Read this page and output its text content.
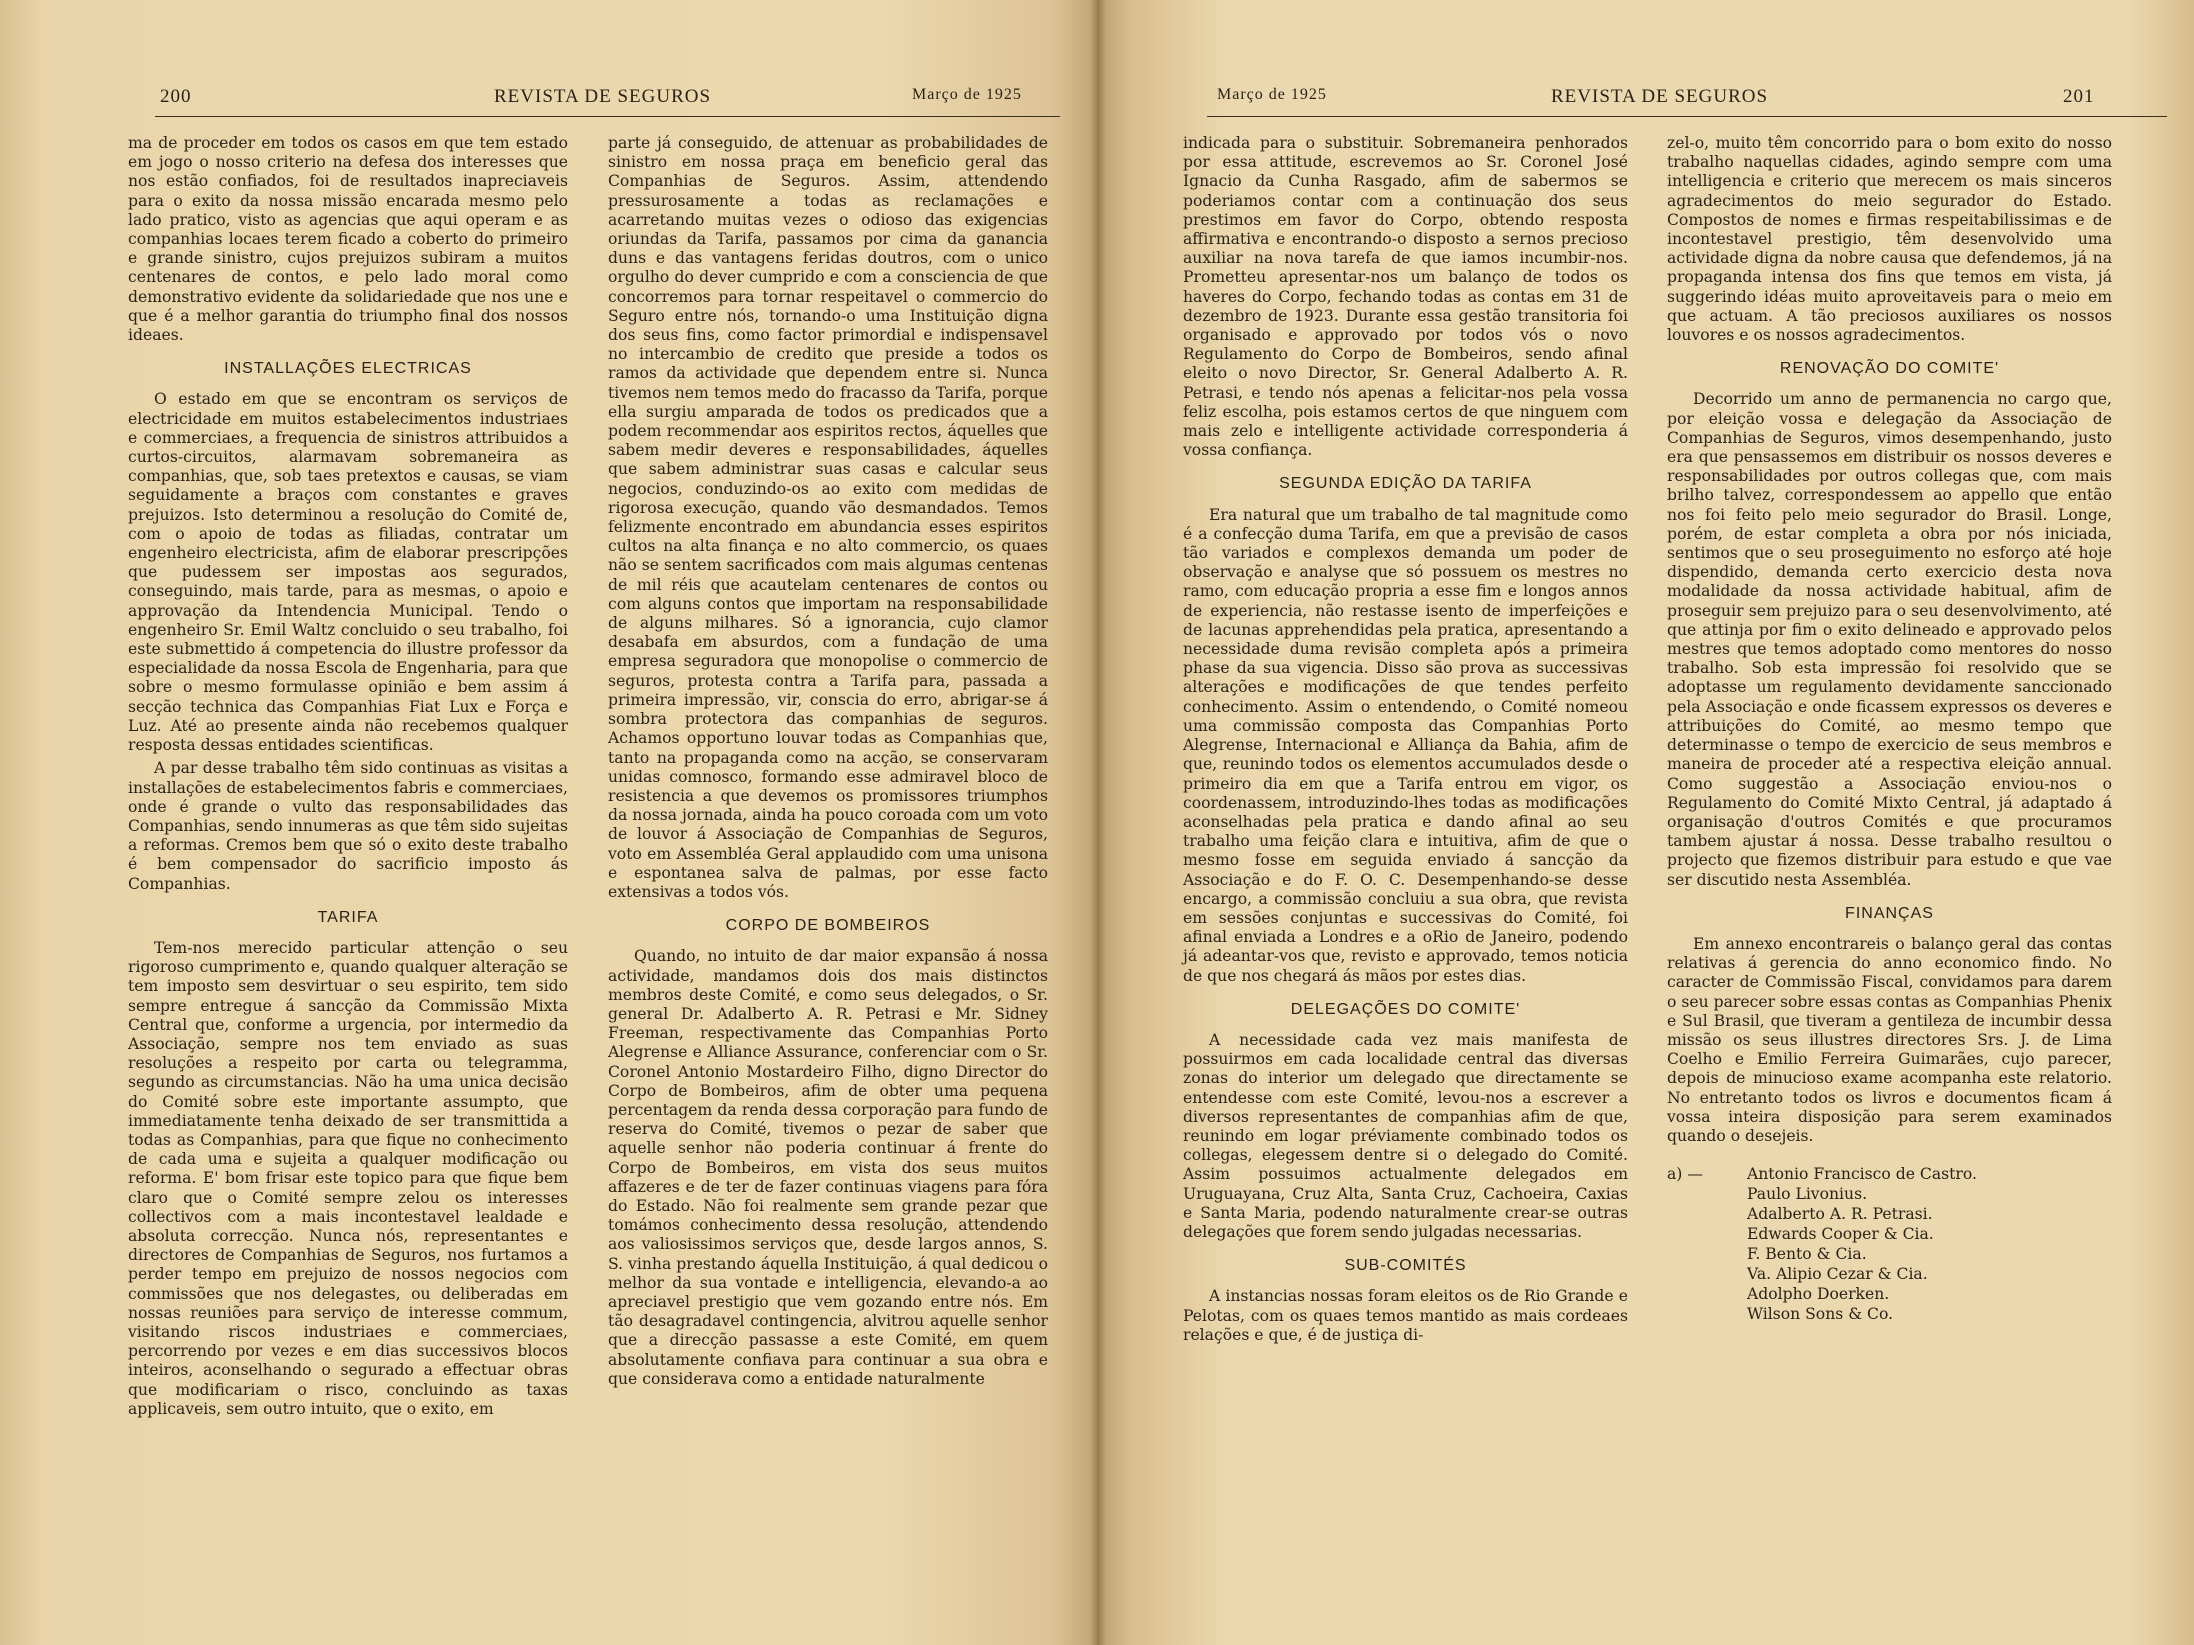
200	REVISTA DE SEGUROS	Março de 1925

ma de proceder em todos os casos em que tem estado em jogo o nosso criterio na defesa dos interesses que nos estão confiados, foi de resultados inapreciaveis para o exito da nossa missão encarada mesmo pelo lado pratico, visto as agencias que aqui operam e as companhias locaes terem ficado a coberto do primeiro e grande sinistro, cujos prejuizos subiram a muitos centenares de contos, e pelo lado moral como demonstrativo evidente da solidariedade que nos une e que é a melhor garantia do triumpho final dos nossos ideaes.

INSTALLAÇÕES ELECTRICAS

O estado em que se encontram os serviços de electricidade em muitos estabelecimentos industriaes e commerciaes, a frequencia de sinistros attribuidos a curtos-circuitos, alarmavam sobremaneira as companhias, que, sob taes pretextos e causas, se viam seguidamente a braços com constantes e graves prejuizos. Isto determinou a resolução do Comité de, com o apoio de todas as filiadas, contratar um engenheiro electricista, afim de elaborar prescripções que pudessem ser impostas aos segurados, conseguindo, mais tarde, para as mesmas, o apoio e approvação da Intendencia Municipal. Tendo o engenheiro Sr. Emil Waltz concluido o seu trabalho, foi este submettido á competencia do illustre professor da especialidade da nossa Escola de Engenharia, para que sobre o mesmo formulasse opinião e bem assim á secção technica das Companhias Fiat Lux e Força e Luz. Até ao presente ainda não recebemos qualquer resposta dessas entidades scientificas.

A par desse trabalho têm sido continuas as visitas a installações de estabelecimentos fabris e commerciaes, onde é grande o vulto das responsabilidades das Companhias, sendo innumeras as que têm sido sujeitas a reformas. Cremos bem que só o exito deste trabalho é bem compensador do sacrificio imposto ás Companhias.

TARIFA

Tem-nos merecido particular attenção o seu rigoroso cumprimento e, quando qualquer alteração se tem imposto sem desvirtuar o seu espirito, tem sido sempre entregue á sancção da Commissão Mixta Central que, conforme a urgencia, por intermedio da Associação, sempre nos tem enviado as suas resoluções a respeito por carta ou telegramma, segundo as circumstancias. Não ha uma unica decisão do Comité sobre este importante assumpto, que immediatamente tenha deixado de ser transmittida a todas as Companhias, para que fique no conhecimento de cada uma e sujeita a qualquer modificação ou reforma. E' bom frisar este topico para que fique bem claro que o Comité sempre zelou os interesses collectivos com a mais incontestavel lealdade e absoluta correcção. Nunca nós, representantes e directores de Companhias de Seguros, nos furtamos a perder tempo em prejuizo de nossos negocios com commissões que nos delegastes, ou deliberadas em nossas reuniões para serviço de interesse commum, visitando riscos industriaes e commerciaes, percorrendo por vezes e em dias successivos blocos inteiros, aconselhando o segurado a effectuar obras que modificariam o risco, concluindo as taxas applicaveis, sem outro intuito, que o exito, em

parte já conseguido, de attenuar as probabilidades de sinistro em nossa praça em beneficio geral das Companhias de Seguros. Assim, attendendo pressurosamente a todas as reclamações e acarretando muitas vezes o odioso das exigencias oriundas da Tarifa, passamos por cima da ganancia duns e das vantagens feridas doutros, com o unico orgulho do dever cumprido e com a consciencia de que concorremos para tornar respeitavel o commercio do Seguro entre nós, tornando-o uma Instituição digna dos seus fins, como factor primordial e indispensavel no intercambio de credito que preside a todos os ramos da actividade que dependem entre si. Nunca tivemos nem temos medo do fracasso da Tarifa, porque ella surgiu amparada de todos os predicados que a podem recommendar aos espiritos rectos, áquelles que sabem medir deveres e responsabilidades, áquelles que sabem administrar suas casas e calcular seus negocios, conduzindo-os ao exito com medidas de rigorosa execução, quando vão desmandados. Temos felizmente encontrado em abundancia esses espiritos cultos na alta finança e no alto commercio, os quaes não se sentem sacrificados com mais algumas centenas de mil réis que acautelam centenares de contos ou com alguns contos que importam na responsabilidade de alguns milhares. Só a ignorancia, cujo clamor desabafa em absurdos, com a fundação de uma empresa seguradora que monopolise o commercio de seguros, protesta contra a Tarifa para, passada a primeira impressão, vir, consciа do erro, abrigar-se á sombra protectora das companhias de seguros. Achamos opportuno louvar todas as Companhias que, tanto na propaganda como na acção, se conservaram unidas comnosco, formando esse admiravel bloco de resistencia a que devemos os promissores triumphos da nossa jornada, ainda ha pouco coroada com um voto de louvor á Associação de Companhias de Seguros, voto em Assembléa Geral applaudido com uma unisona e espontanea salva de palmas, por esse facto extensivas a todos vós.

CORPO DE BOMBEIROS

Quando, no intuito de dar maior expansão á nossa actividade, mandamos dois dos mais distinctos membros deste Comité, e como seus delegados, o Sr. general Dr. Adalberto A. R. Petrasi e Mr. Sidney Freeman, respectivamente das Companhias Porto Alegrense e Alliance Assurance, conferenciar com o Sr. Coronel Antonio Mostardeiro Filho, digno Director do Corpo de Bombeiros, afim de obter uma pequena percentagem da renda dessa corporação para fundo de reserva do Comité, tivemos o pezar de saber que aquelle senhor não poderia continuar á frente do Corpo de Bombeiros, em vista dos seus muitos affazeres e de ter de fazer continuas viagens para fóra do Estado. Não foi realmente sem grande pezar que tomámos conhecimento dessa resolução, attendendo aos valiosissimos serviços que, desde largos annos, S. S. vinha prestando áquella Instituição, á qual dedicou o melhor da sua vontade e intelligencia, elevando-a ao apreciavel prestigio que vem gozando entre nós. Em tão desagradavel contingencia, alvitrou aquelle senhor que a direcção passasse a este Comité, em quem absolutamente confiava para continuar a sua obra e que considerava como a entidade naturalmente

Março de 1925	REVISTA DE SEGUROS	201

indicada para o substituir. Sobremaneira penhorados por essa attitude, escrevemos ao Sr. Coronel José Ignacio da Cunha Rasgado, afim de sabermos se poderiamos contar com a continuação dos seus prestimos em favor do Corpo, obtendo resposta affirmativa e encontrando-o disposto a sernos precioso auxiliar na nova tarefa de que iamos incumbir-nos. Prometteu apresentar-nos um balanço de todos os haveres do Corpo, fechando todas as contas em 31 de dezembro de 1923. Durante essa gestão transitoria foi organisado e approvado por todos vós o novo Regulamento do Corpo de Bombeiros, sendo afinal eleito o novo Director, Sr. General Adalberto A. R. Petrasi, e tendo nós apenas a felicitar-nos pela vossa feliz escolha, pois estamos certos de que ninguem com mais zelo e intelligente actividade corresponderia á vossa confiança.

SEGUNDA EDIÇÃO DA TARIFA

Era natural que um trabalho de tal magnitude como é a confecção duma Tarifa, em que a previsão de casos tão variados e complexos demanda um poder de observação e analyse que só possuem os mestres no ramo, com educação propria a esse fim e longos annos de experiencia, não restasse isento de imperfeições e de lacunas apprehendidas pela pratica, apresentando a necessidade duma revisão completa após a primeira phase da sua vigencia. Disso são prova as successivas alterações e modificações de que tendes perfeito conhecimento. Assim o entendendo, o Comité nomeou uma commissão composta das Companhias Porto Alegrense, Internacional e Alliança da Bahia, afim de que, reunindo todos os elementos accumulados desde o primeiro dia em que a Tarifa entrou em vigor, os coordenassem, introduzindo-lhes todas as modificações aconselhadas pela pratica e dando afinal ao seu trabalho uma feição clara e intuitiva, afim de que o mesmo fosse em seguida enviado á sancção da Associação e do F. O. C. Desempenhando-se desse encargo, a commissão concluiu a sua obra, que revista em sessões conjuntas e successivas do Comité, foi afinal enviada a Londres e a oRio de Janeiro, podendo já adeantar-vos que, revisto e approvado, temos noticia de que nos chegará ás mãos por estes dias.

DELEGAÇÕES DO COMITE'

A necessidade cada vez mais manifesta de possuirmos em cada localidade central das diversas zonas do interior um delegado que directamente se entendesse com este Comité, levou-nos a escrever a diversos representantes de companhias afim de que, reunindo em logar préviamente combinado todos os collegas, elegessem dentre si o delegado do Comité. Assim possuimos actualmente delegados em Uruguayana, Cruz Alta, Santa Cruz, Cachoeira, Caxias e Santa Maria, podendo naturalmente crear-se outras delegações que forem sendo julgadas necessarias.

SUB-COMITÉS

A instancias nossas foram eleitos os de Rio Grande e Pelotas, com os quaes temos mantido as mais cordeaes relações e que, é de justiça di-

zel-o, muito têm concorrido para o bom exito do nosso trabalho naquellas cidades, agindo sempre com uma intelligencia e criterio que merecem os mais sinceros agradecimentos do meio segurador do Estado. Compostos de nomes e firmas respeitabilissimas e de incontestavel prestigio, têm desenvolvido uma actividade digna da nobre causa que defendemos, já na propaganda intensa dos fins que temos em vista, já suggerindo idéas muito aproveitaveis para o meio em que actuam. A tão preciosos auxiliares os nossos louvores e os nossos agradecimentos.

RENOVAÇÃO DO COMITE'

Decorrido um anno de permanencia no cargo que, por eleição vossa e delegação da Associação de Companhias de Seguros, vimos desempenhando, justo era que pensassemos em distribuir os nossos deveres e responsabilidades por outros collegas que, com mais brilho talvez, correspondessem ao appello que então nos foi feito pelo meio segurador do Brasil. Longe, porém, de estar completa a obra por nós iniciada, sentimos que o seu proseguimento no esforço até hoje dispendido, demanda certo exercicio desta nova modalidade da nossa actividade habitual, afim de proseguir sem prejuizo para o seu desenvolvimento, até que attinja por fim o exito delineado e approvado pelos mestres que temos adoptado como mentores do nosso trabalho. Sob esta impressão foi resolvido que se adoptasse um regulamento devidamente sanccionado pela Associação e onde ficassem expressos os deveres e attribuições do Comité, ao mesmo tempo que determinasse o tempo de exercicio de seus membros e maneira de proceder até a respectiva eleição annual. Como suggestão a Associação enviou-nos o Regulamento do Comité Mixto Central, já adaptado á organisação d'outros Comités e que procuramos tambem ajustar á nossa. Desse trabalho resultou o projecto que fizemos distribuir para estudo e que vae ser discutido nesta Assembléa.

FINANÇAS

Em annexo encontrareis o balanço geral das contas relativas á gerencia do anno economico findo. No caracter de Commissão Fiscal, convidamos para darem o seu parecer sobre essas contas as Companhias Phenix e Sul Brasil, que tiveram a gentileza de incumbir dessa missão os seus illustres directores Srs. J. de Lima Coelho e Emilio Ferreira Guimarães, cujo parecer, depois de minucioso exame acompanha este relatorio. No entretanto todos os livros e documentos ficam á vossa inteira disposição para serem examinados quando o desejeis.

a) —	Antonio Francisco de Castro.
Paulo Livonius.
Adalberto A. R. Petrasi.
Edwards Cooper & Cia.
F. Bento & Cia.
Va. Alipio Cezar & Cia.
Adolpho Doerken.
Wilson Sons & Co.
